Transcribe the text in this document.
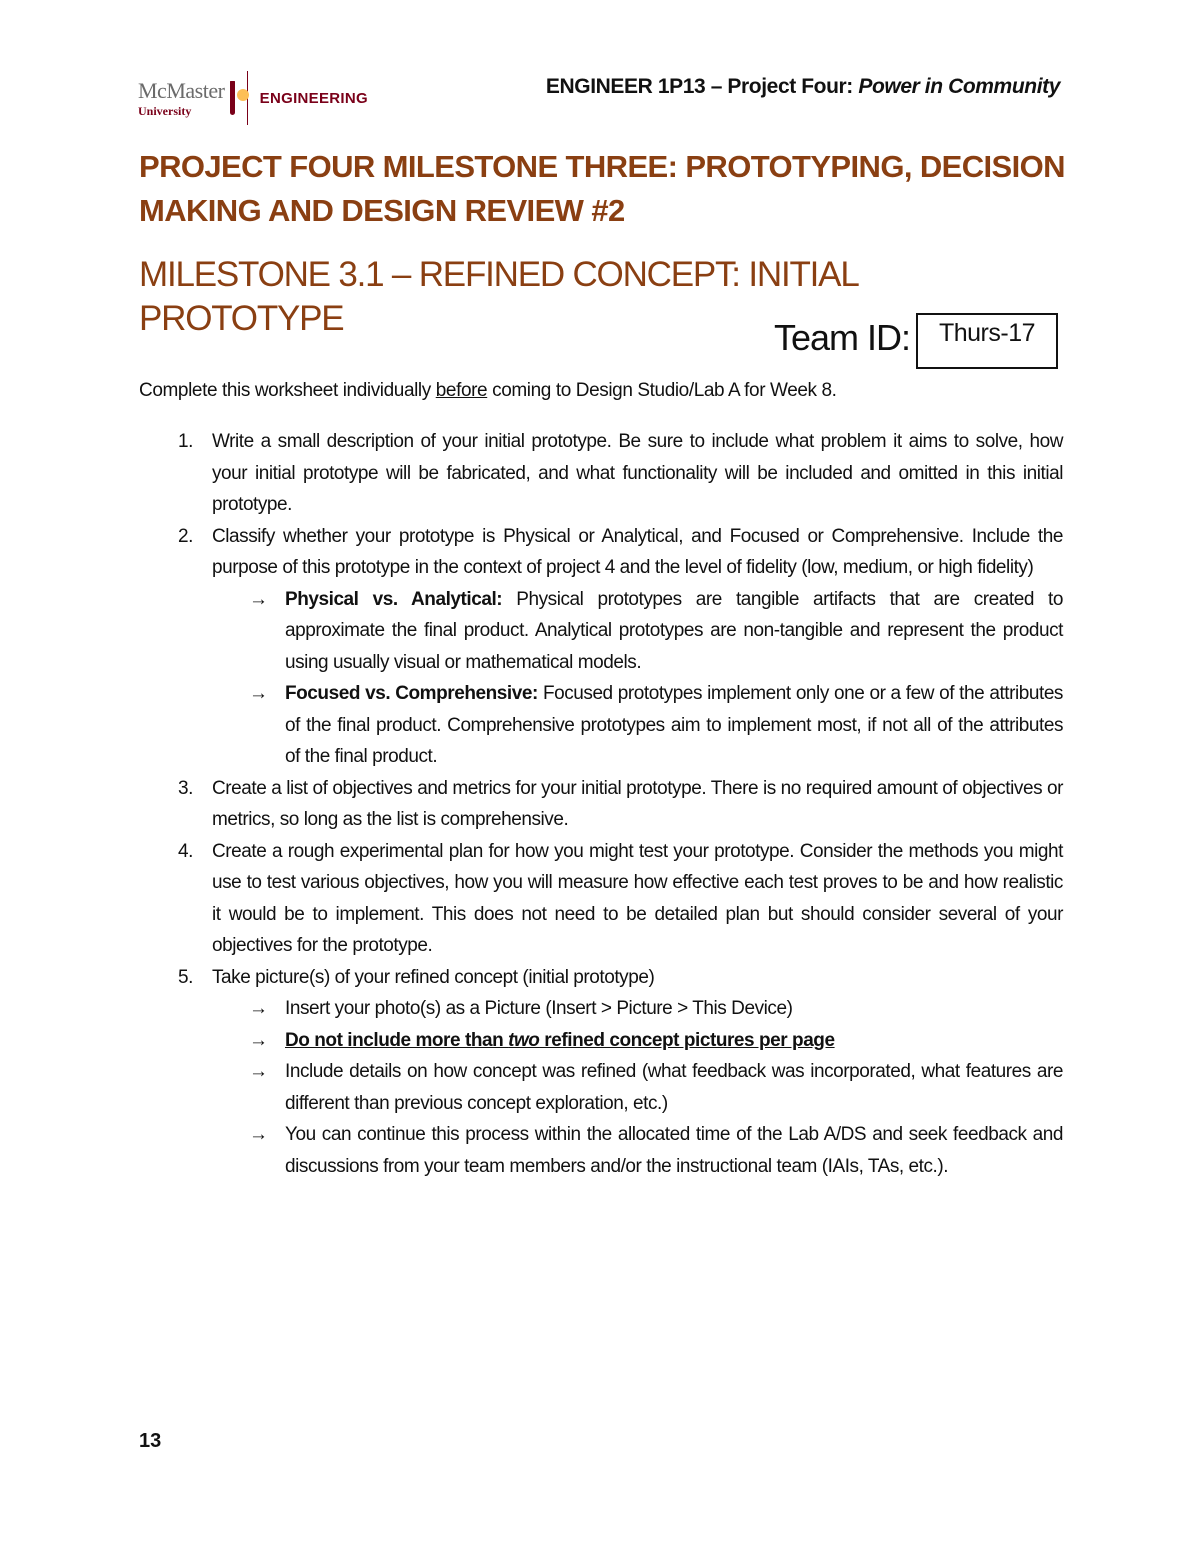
McMaster
University
ENGINEERING	ENGINEER 1P13 – Project Four: Power in Community
PROJECT FOUR MILESTONE THREE: PROTOTYPING, DECISION MAKING AND DESIGN REVIEW #2
MILESTONE 3.1 – REFINED CONCEPT: INITIAL PROTOTYPE	Team ID:	Thurs-17
Complete this worksheet individually before coming to Design Studio/Lab A for Week 8.
1.	Write a small description of your initial prototype. Be sure to include what problem it aims to solve, how your initial prototype will be fabricated, and what functionality will be included and omitted in this initial prototype.
2.	Classify whether your prototype is Physical or Analytical, and Focused or Comprehensive. Include the purpose of this prototype in the context of project 4 and the level of fidelity (low, medium, or high fidelity)
→ Physical vs. Analytical: Physical prototypes are tangible artifacts that are created to approximate the final product. Analytical prototypes are non-tangible and represent the product using usually visual or mathematical models.
→ Focused vs. Comprehensive: Focused prototypes implement only one or a few of the attributes of the final product. Comprehensive prototypes aim to implement most, if not all of the attributes of the final product.
3.	Create a list of objectives and metrics for your initial prototype. There is no required amount of objectives or metrics, so long as the list is comprehensive.
4.	Create a rough experimental plan for how you might test your prototype. Consider the methods you might use to test various objectives, how you will measure how effective each test proves to be and how realistic it would be to implement. This does not need to be detailed plan but should consider several of your objectives for the prototype.
5.	Take picture(s) of your refined concept (initial prototype)
→ Insert your photo(s) as a Picture (Insert > Picture > This Device)
→ Do not include more than two refined concept pictures per page
→ Include details on how concept was refined (what feedback was incorporated, what features are different than previous concept exploration, etc.)
→ You can continue this process within the allocated time of the Lab A/DS and seek feedback and discussions from your team members and/or the instructional team (IAIs, TAs, etc.).
13
